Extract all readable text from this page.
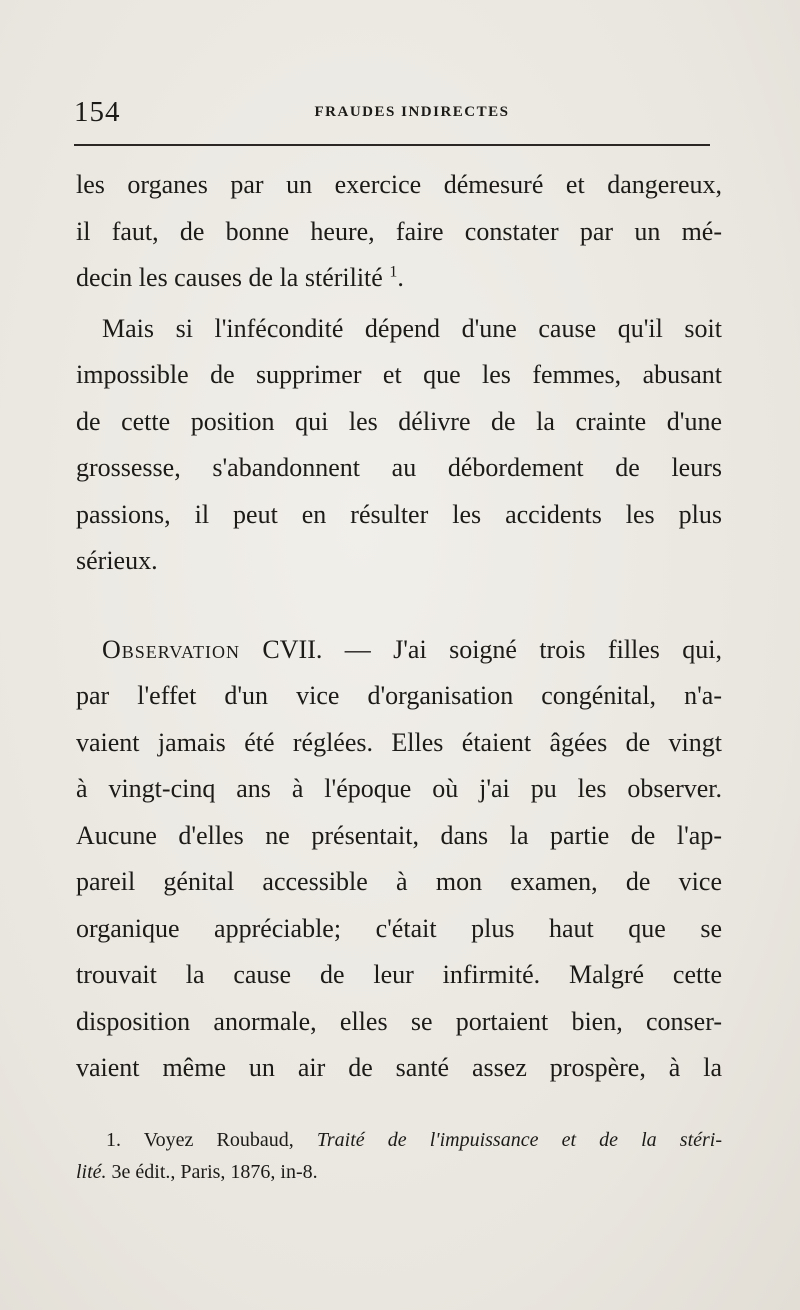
154	FRAUDES INDIRECTES

les organes par un exercice démesuré et dangereux,
il faut, de bonne heure, faire constater par un mé-
decin les causes de la stérilité $^1$.

Mais si l'infécondité dépend d'une cause qu'il soit
impossible de supprimer et que les femmes, abusant
de cette position qui les délivre de la crainte d'une
grossesse, s'abandonnent au débordement de leurs
passions, il peut en résulter les accidents les plus
sérieux.

Observation CVII. — J'ai soigné trois filles qui,
par l'effet d'un vice d'organisation congénital, n'a-
vaient jamais été réglées. Elles étaient âgées de vingt
à vingt-cinq ans à l'époque où j'ai pu les observer.
Aucune d'elles ne présentait, dans la partie de l'ap-
pareil génital accessible à mon examen, de vice
organique appréciable; c'était plus haut que se
trouvait la cause de leur infirmité. Malgré cette
disposition anormale, elles se portaient bien, conser-
vaient même un air de santé assez prospère, à la

1. Voyez Roubaud, Traité de l'impuissance et de la stéri-
lité. 3e édit., Paris, 1876, in-8.
